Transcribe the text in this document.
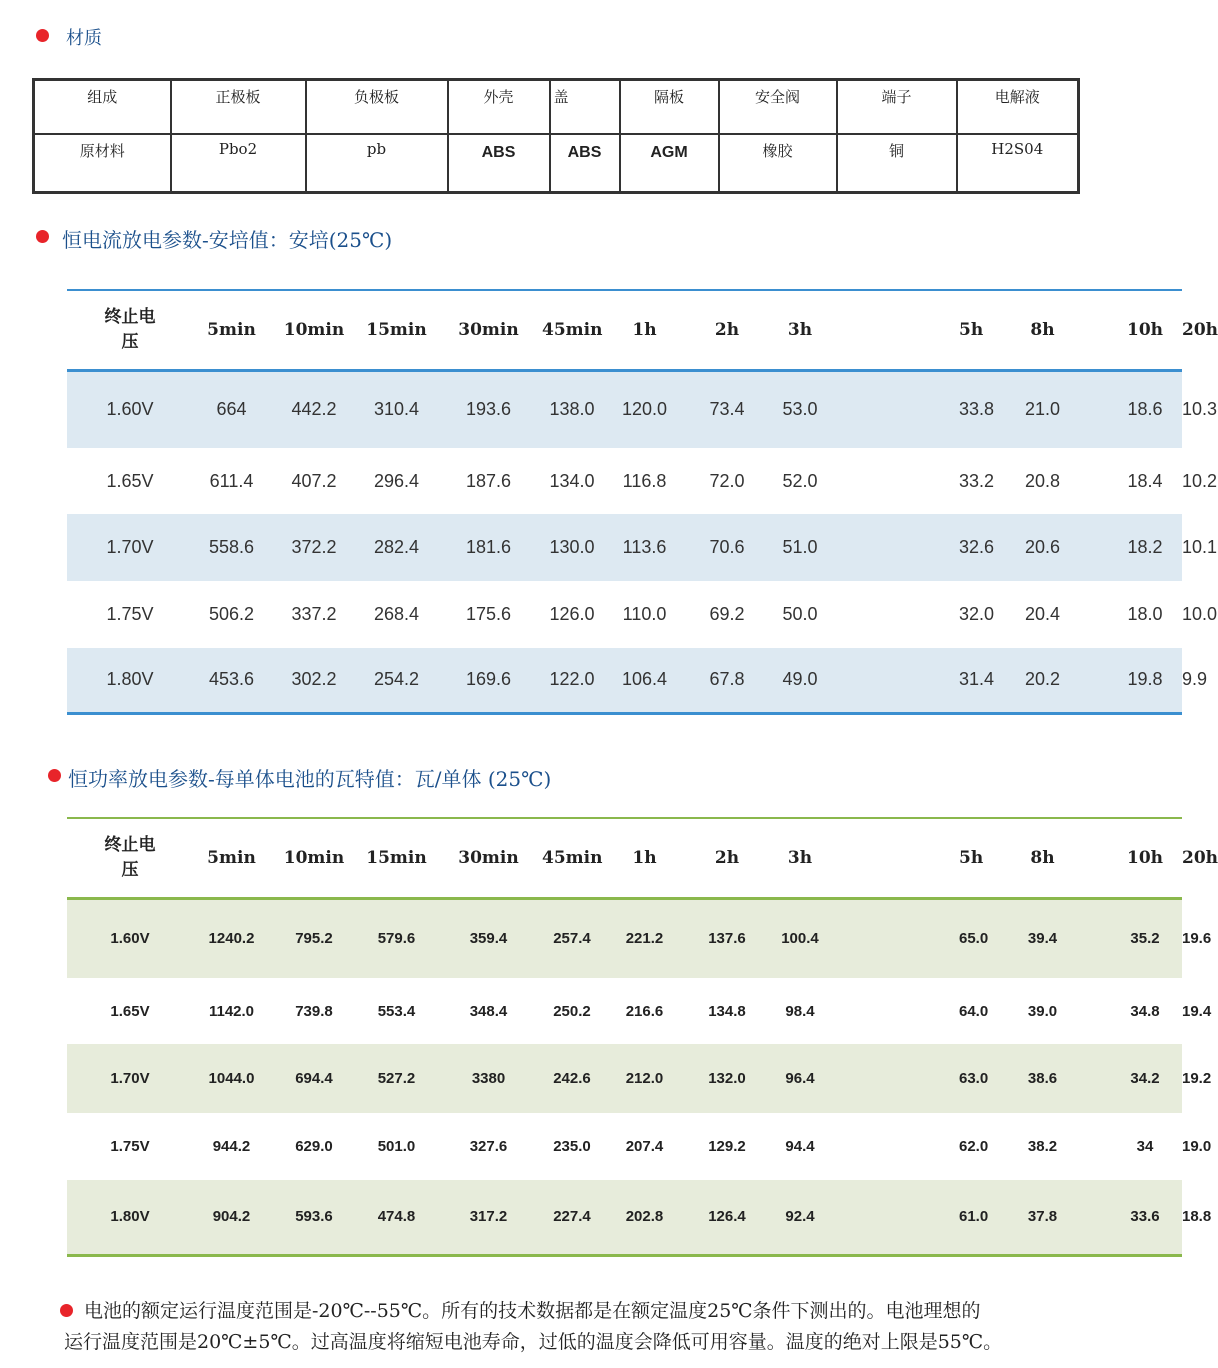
材质
组成	正极板	负极板	外壳	盖	隔板	安全阀	端子	电解液
原材料	Pbo2	pb	ABS	ABS	AGM	橡胶	铜	H2S04
恒电流放电参数-安培值：安培(25℃)
终止电压	5min	10min	15min	30min	45min	1h	2h	3h		5h	8h	10h	20h
1.60V	664	442.2	310.4	193.6	138.0	120.0	73.4	53.0		33.8	21.0	18.6	10.3
1.65V	611.4	407.2	296.4	187.6	134.0	116.8	72.0	52.0		33.2	20.8	18.4	10.2
1.70V	558.6	372.2	282.4	181.6	130.0	113.6	70.6	51.0		32.6	20.6	18.2	10.1
1.75V	506.2	337.2	268.4	175.6	126.0	110.0	69.2	50.0		32.0	20.4	18.0	10.0
1.80V	453.6	302.2	254.2	169.6	122.0	106.4	67.8	49.0		31.4	20.2	19.8	9.9
恒功率放电参数-每单体电池的瓦特值：瓦/单体 (25℃)
终止电压	5min	10min	15min	30min	45min	1h	2h	3h		5h	8h	10h	20h
1.60V	1240.2	795.2	579.6	359.4	257.4	221.2	137.6	100.4		65.0	39.4	35.2	19.6
1.65V	1142.0	739.8	553.4	348.4	250.2	216.6	134.8	98.4		64.0	39.0	34.8	19.4
1.70V	1044.0	694.4	527.2	3380	242.6	212.0	132.0	96.4		63.0	38.6	34.2	19.2
1.75V	944.2	629.0	501.0	327.6	235.0	207.4	129.2	94.4		62.0	38.2	34	19.0
1.80V	904.2	593.6	474.8	317.2	227.4	202.8	126.4	92.4		61.0	37.8	33.6	18.8
电池的额定运行温度范围是-20℃--55℃。所有的技术数据都是在额定温度25℃条件下测出的。电池理想的
运行温度范围是20℃±5℃。过高温度将缩短电池寿命，过低的温度会降低可用容量。温度的绝对上限是55℃。
